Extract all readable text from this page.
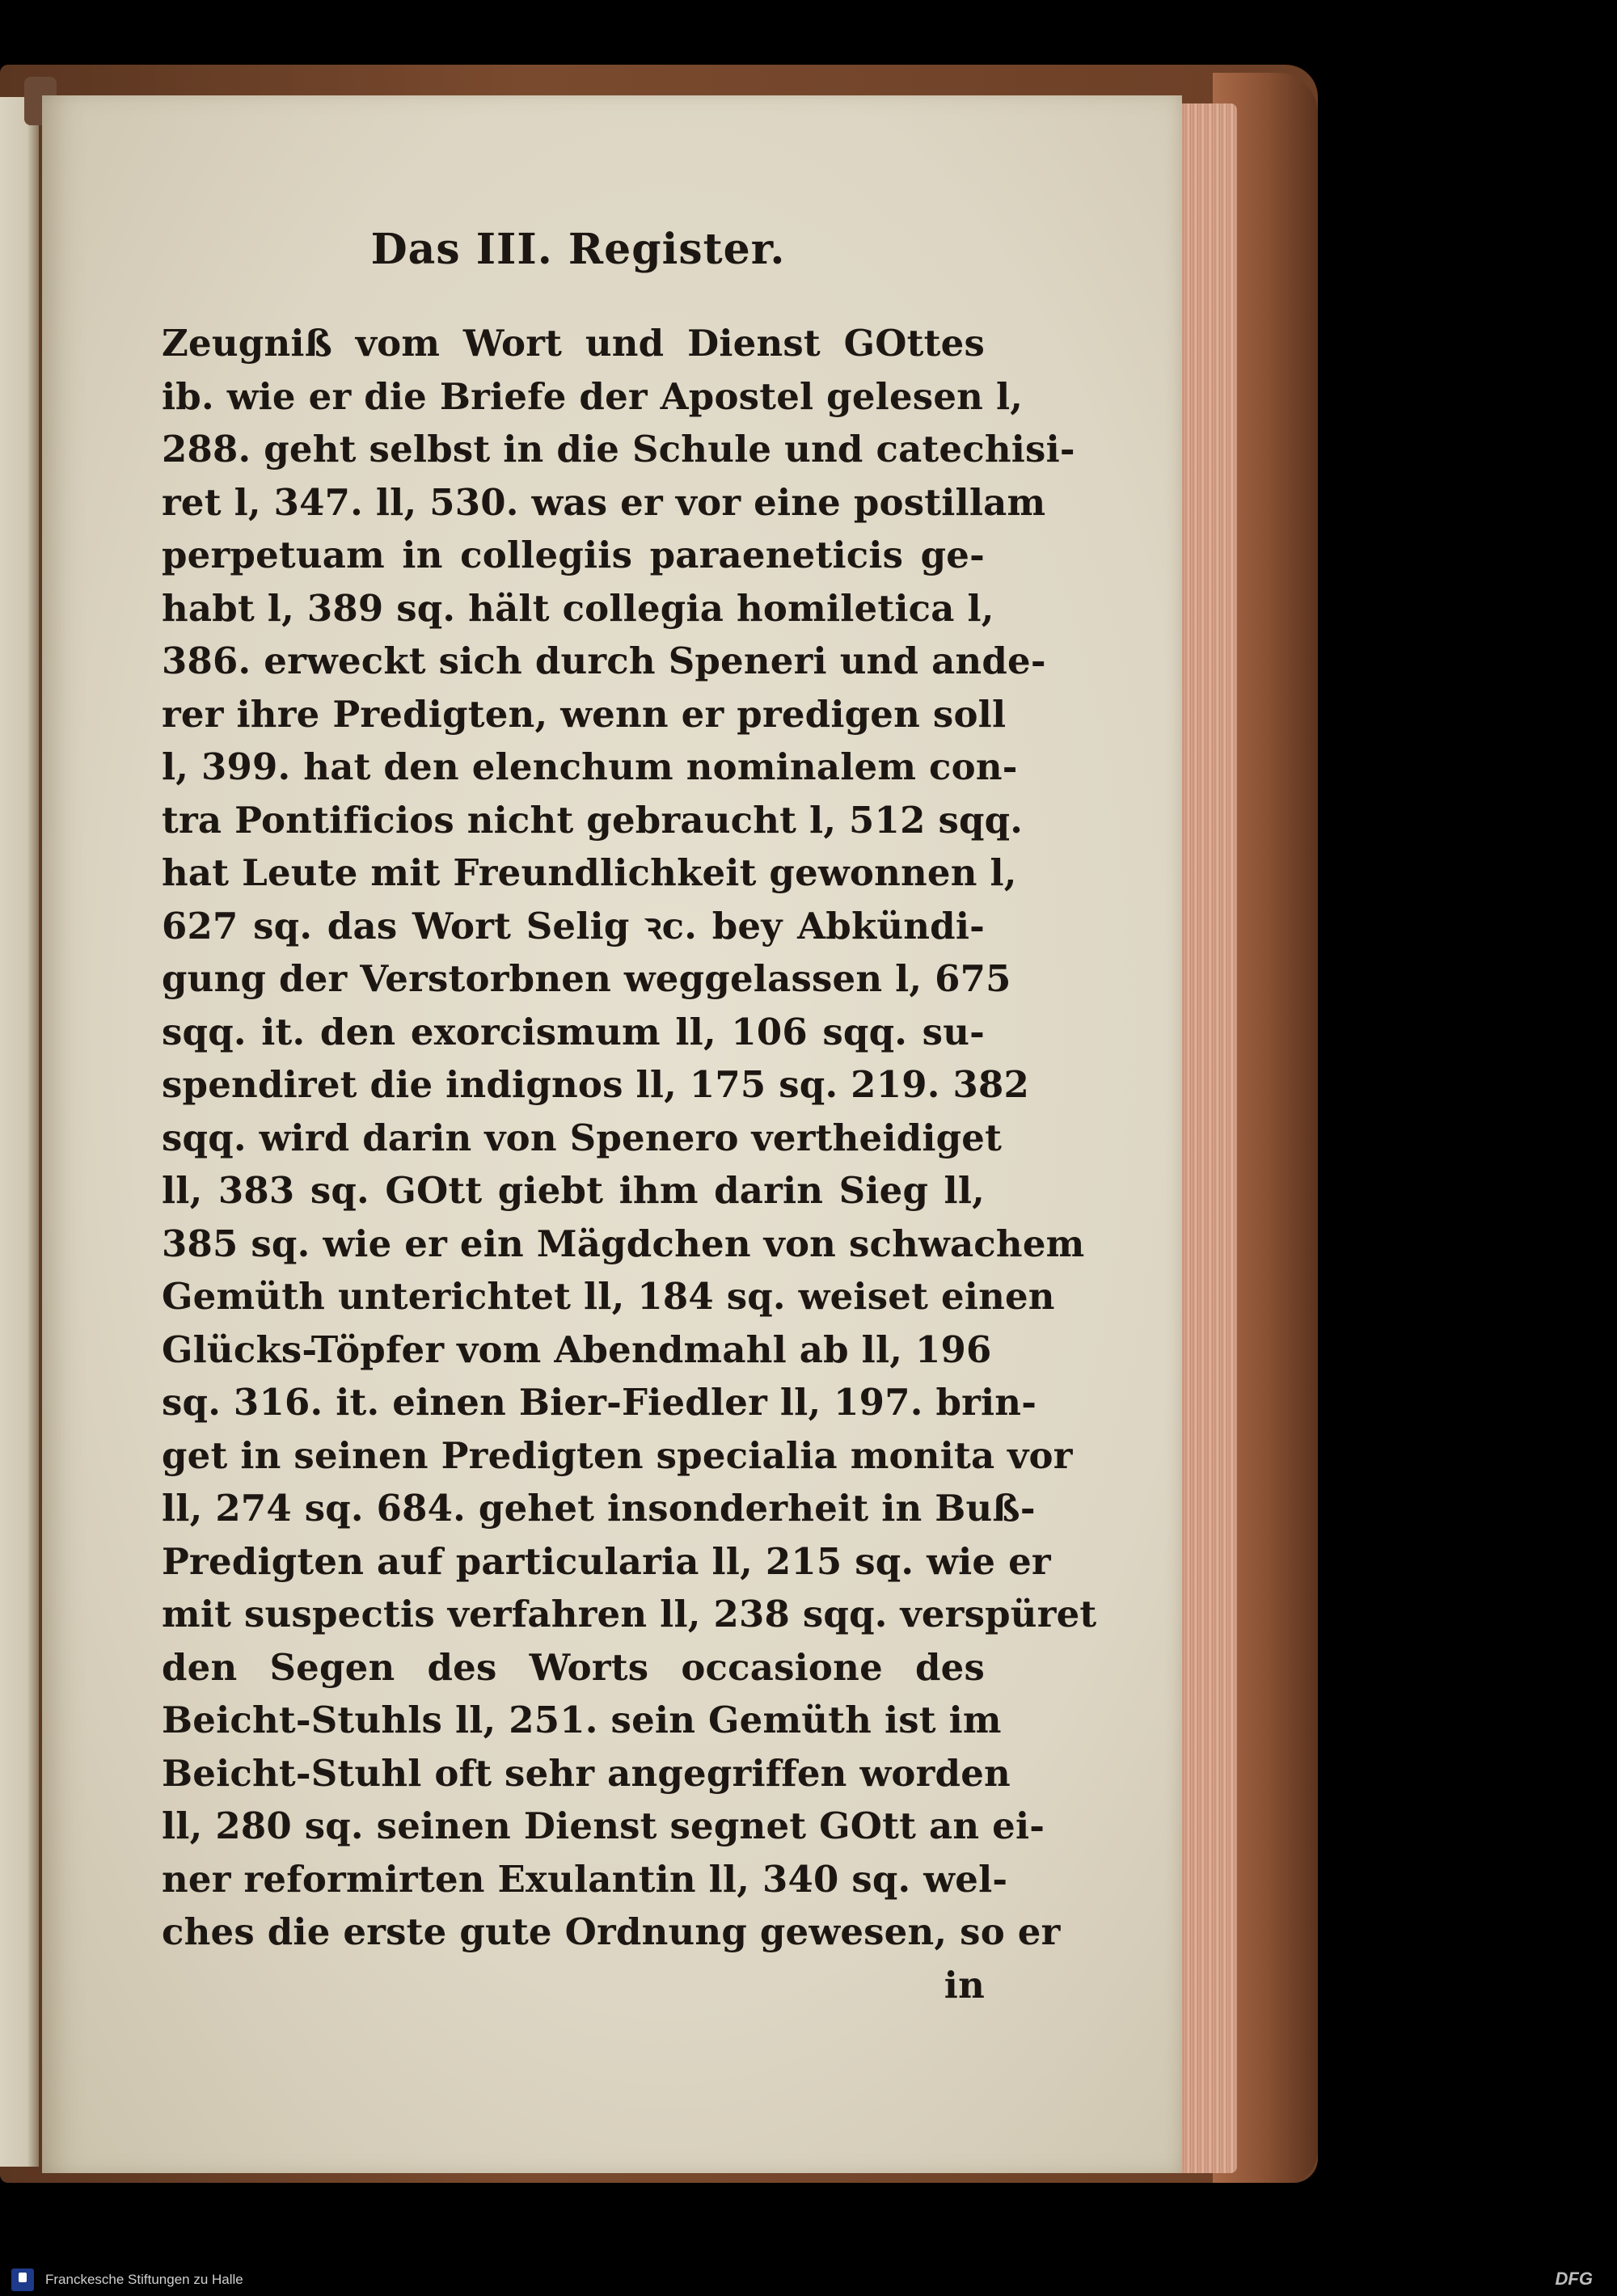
Das III. Register.
Zeugniß vom Wort und Dienst GOttes
ib. wie er die Briefe der Apostel gelesen l,
288. geht selbst in die Schule und catechisi-
ret l, 347. ll, 530. was er vor eine postillam
perpetuam in collegiis paraeneticis ge-
habt l, 389 sq. hält collegia homiletica l,
386. erweckt sich durch Speneri und ande-
rer ihre Predigten, wenn er predigen soll
l, 399. hat den elenchum nominalem con-
tra Pontificios nicht gebraucht l, 512 sqq.
hat Leute mit Freundlichkeit gewonnen l,
627 sq. das Wort Selig ꝛc. bey Abkündi-
gung der Verstorbnen weggelassen l, 675
sqq. it. den exorcismum ll, 106 sqq. su-
spendiret die indignos ll, 175 sq. 219. 382
sqq. wird darin von Spenero vertheidiget
ll, 383 sq. GOtt giebt ihm darin Sieg ll,
385 sq. wie er ein Mägdchen von schwachem
Gemüth unterichtet ll, 184 sq. weiset einen
Glücks-Töpfer vom Abendmahl ab ll, 196
sq. 316. it. einen Bier-Fiedler ll, 197. brin-
get in seinen Predigten specialia monita vor
ll, 274 sq. 684. gehet insonderheit in Buß-
Predigten auf particularia ll, 215 sq. wie er
mit suspectis verfahren ll, 238 sqq. verspüret
den Segen des Worts occasione des
Beicht-Stuhls ll, 251. sein Gemüth ist im
Beicht-Stuhl oft sehr angegriffen worden
ll, 280 sq. seinen Dienst segnet GOtt an ei-
ner reformirten Exulantin ll, 340 sq. wel-
ches die erste gute Ordnung gewesen, so er
in
Franckesche Stiftungen zu Halle	DFG
